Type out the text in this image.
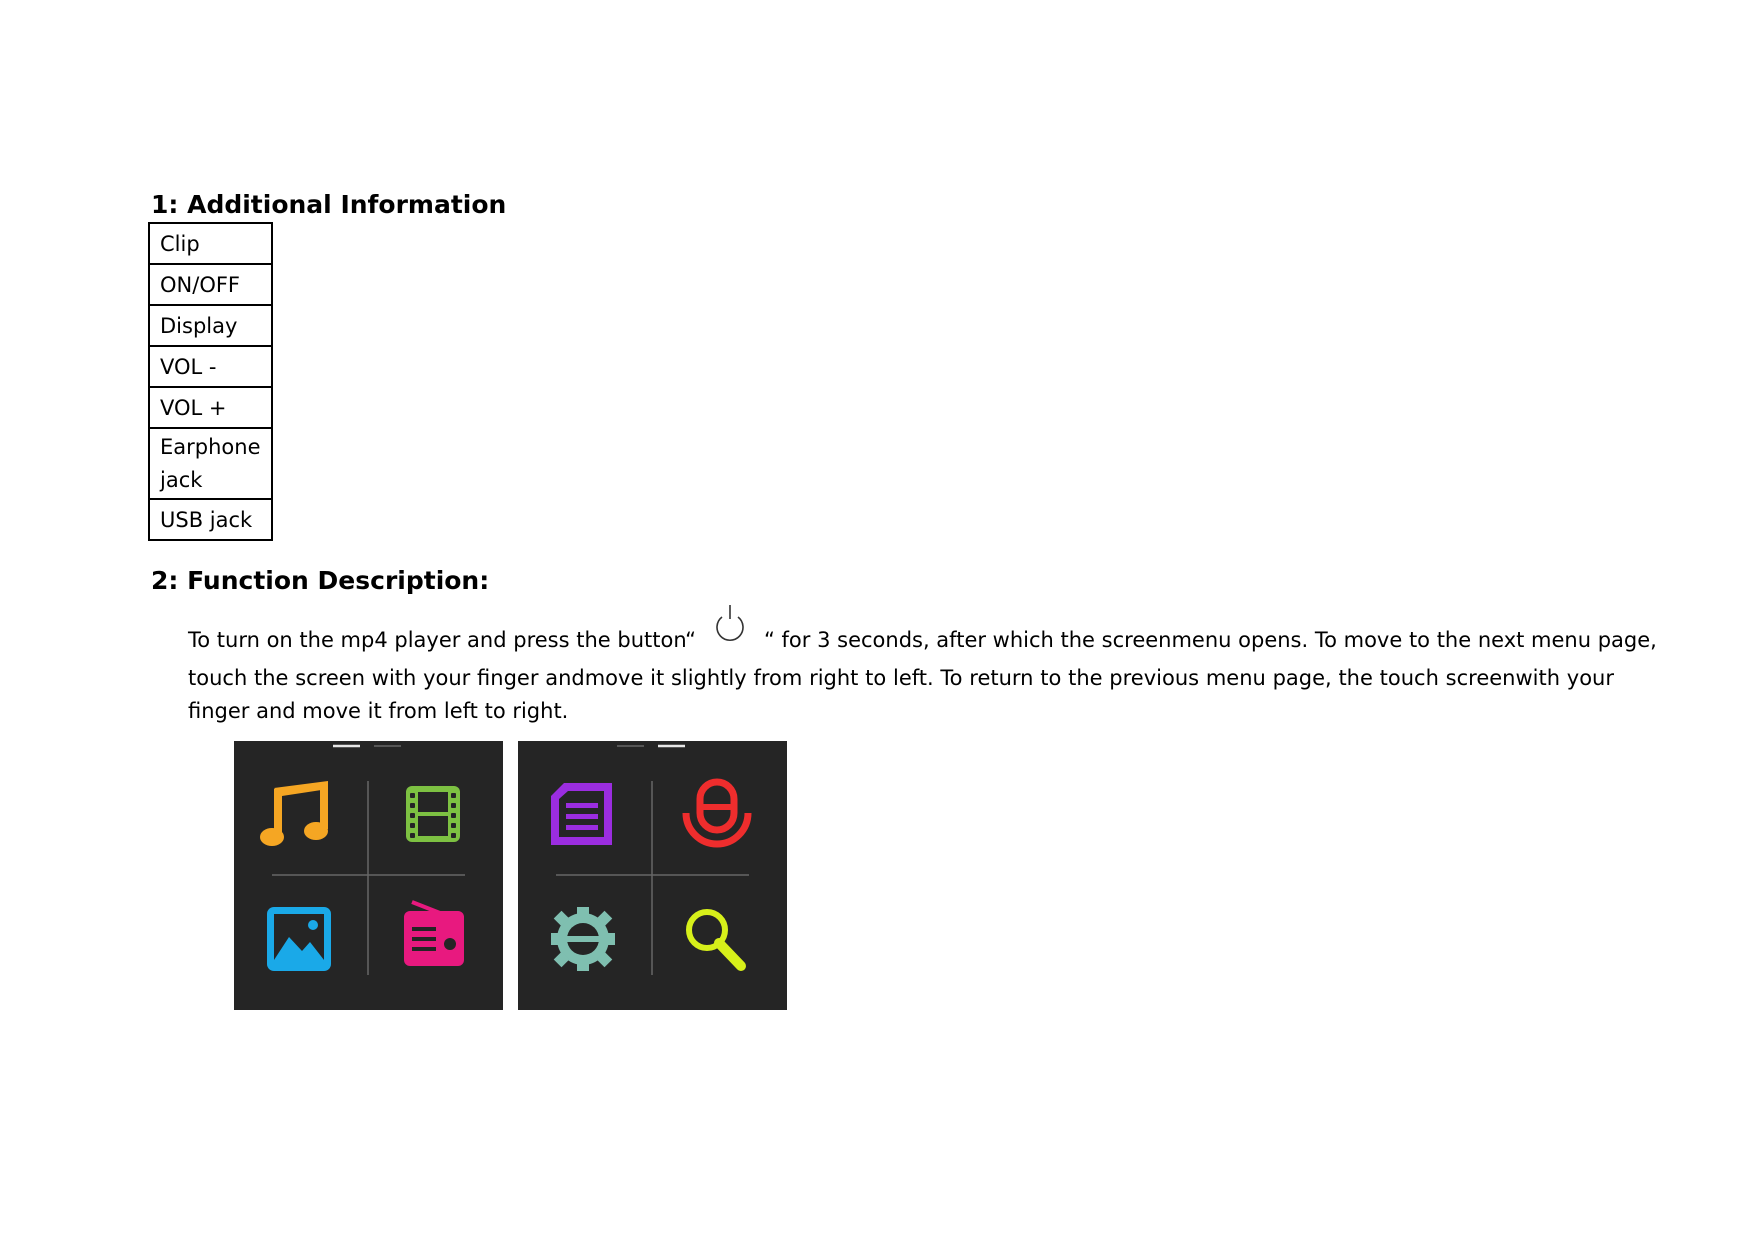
1: Additional Information
Clip
ON/OFF
Display
VOL -
VOL +
Earphone jack
USB jack
2: Function Description:

To turn on the mp4 player and press the button“	“ for 3 seconds, after which the screenmenu opens. To move to the next menu page,

touch the screen with your finger andmove it slightly from right to left. To return to the previous menu page, the touch screenwith your finger and move it from left to right.
